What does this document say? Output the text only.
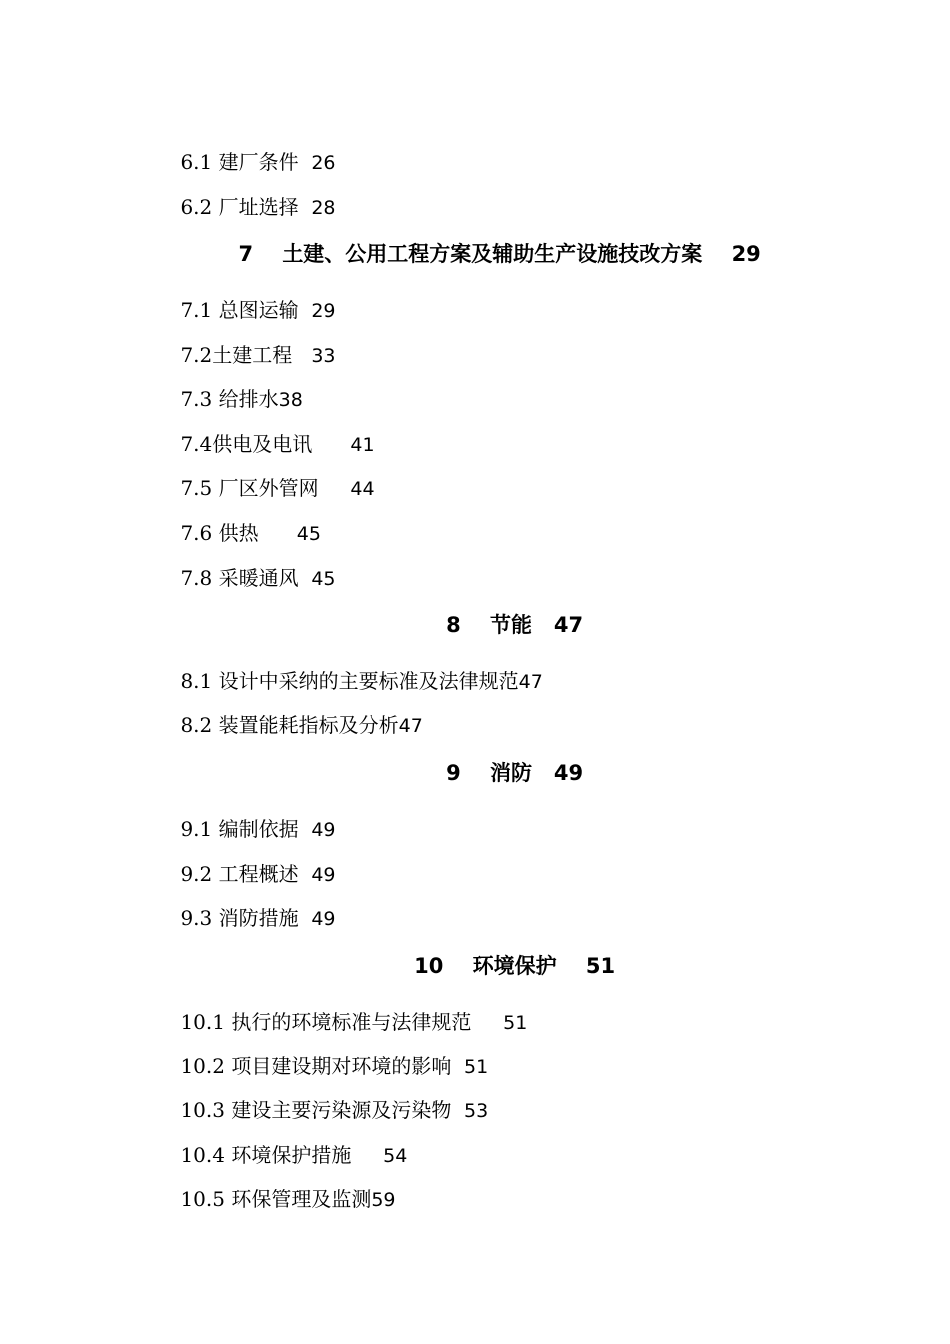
6.1 建厂条件 26

6.2 厂址选择 28

7 土建、公用工程方案及辅助生产设施技改方案 29

7.1 总图运输 29

7.2土建工程 33

7.3 给排水38

7.4供电及电讯 41

7.5 厂区外管网 44

7.6 供热 45

7.8 采暖通风 45

8 节能 47

8.1 设计中采纳的主要标准及法律规范47

8.2 装置能耗指标及分析47

9 消防 49

9.1 编制依据 49

9.2 工程概述 49

9.3 消防措施 49

10 环境保护 51

10.1 执行的环境标准与法律规范 51

10.2 项目建设期对环境的影响 51

10.3 建设主要污染源及污染物 53

10.4 环境保护措施 54

10.5 环保管理及监测59
